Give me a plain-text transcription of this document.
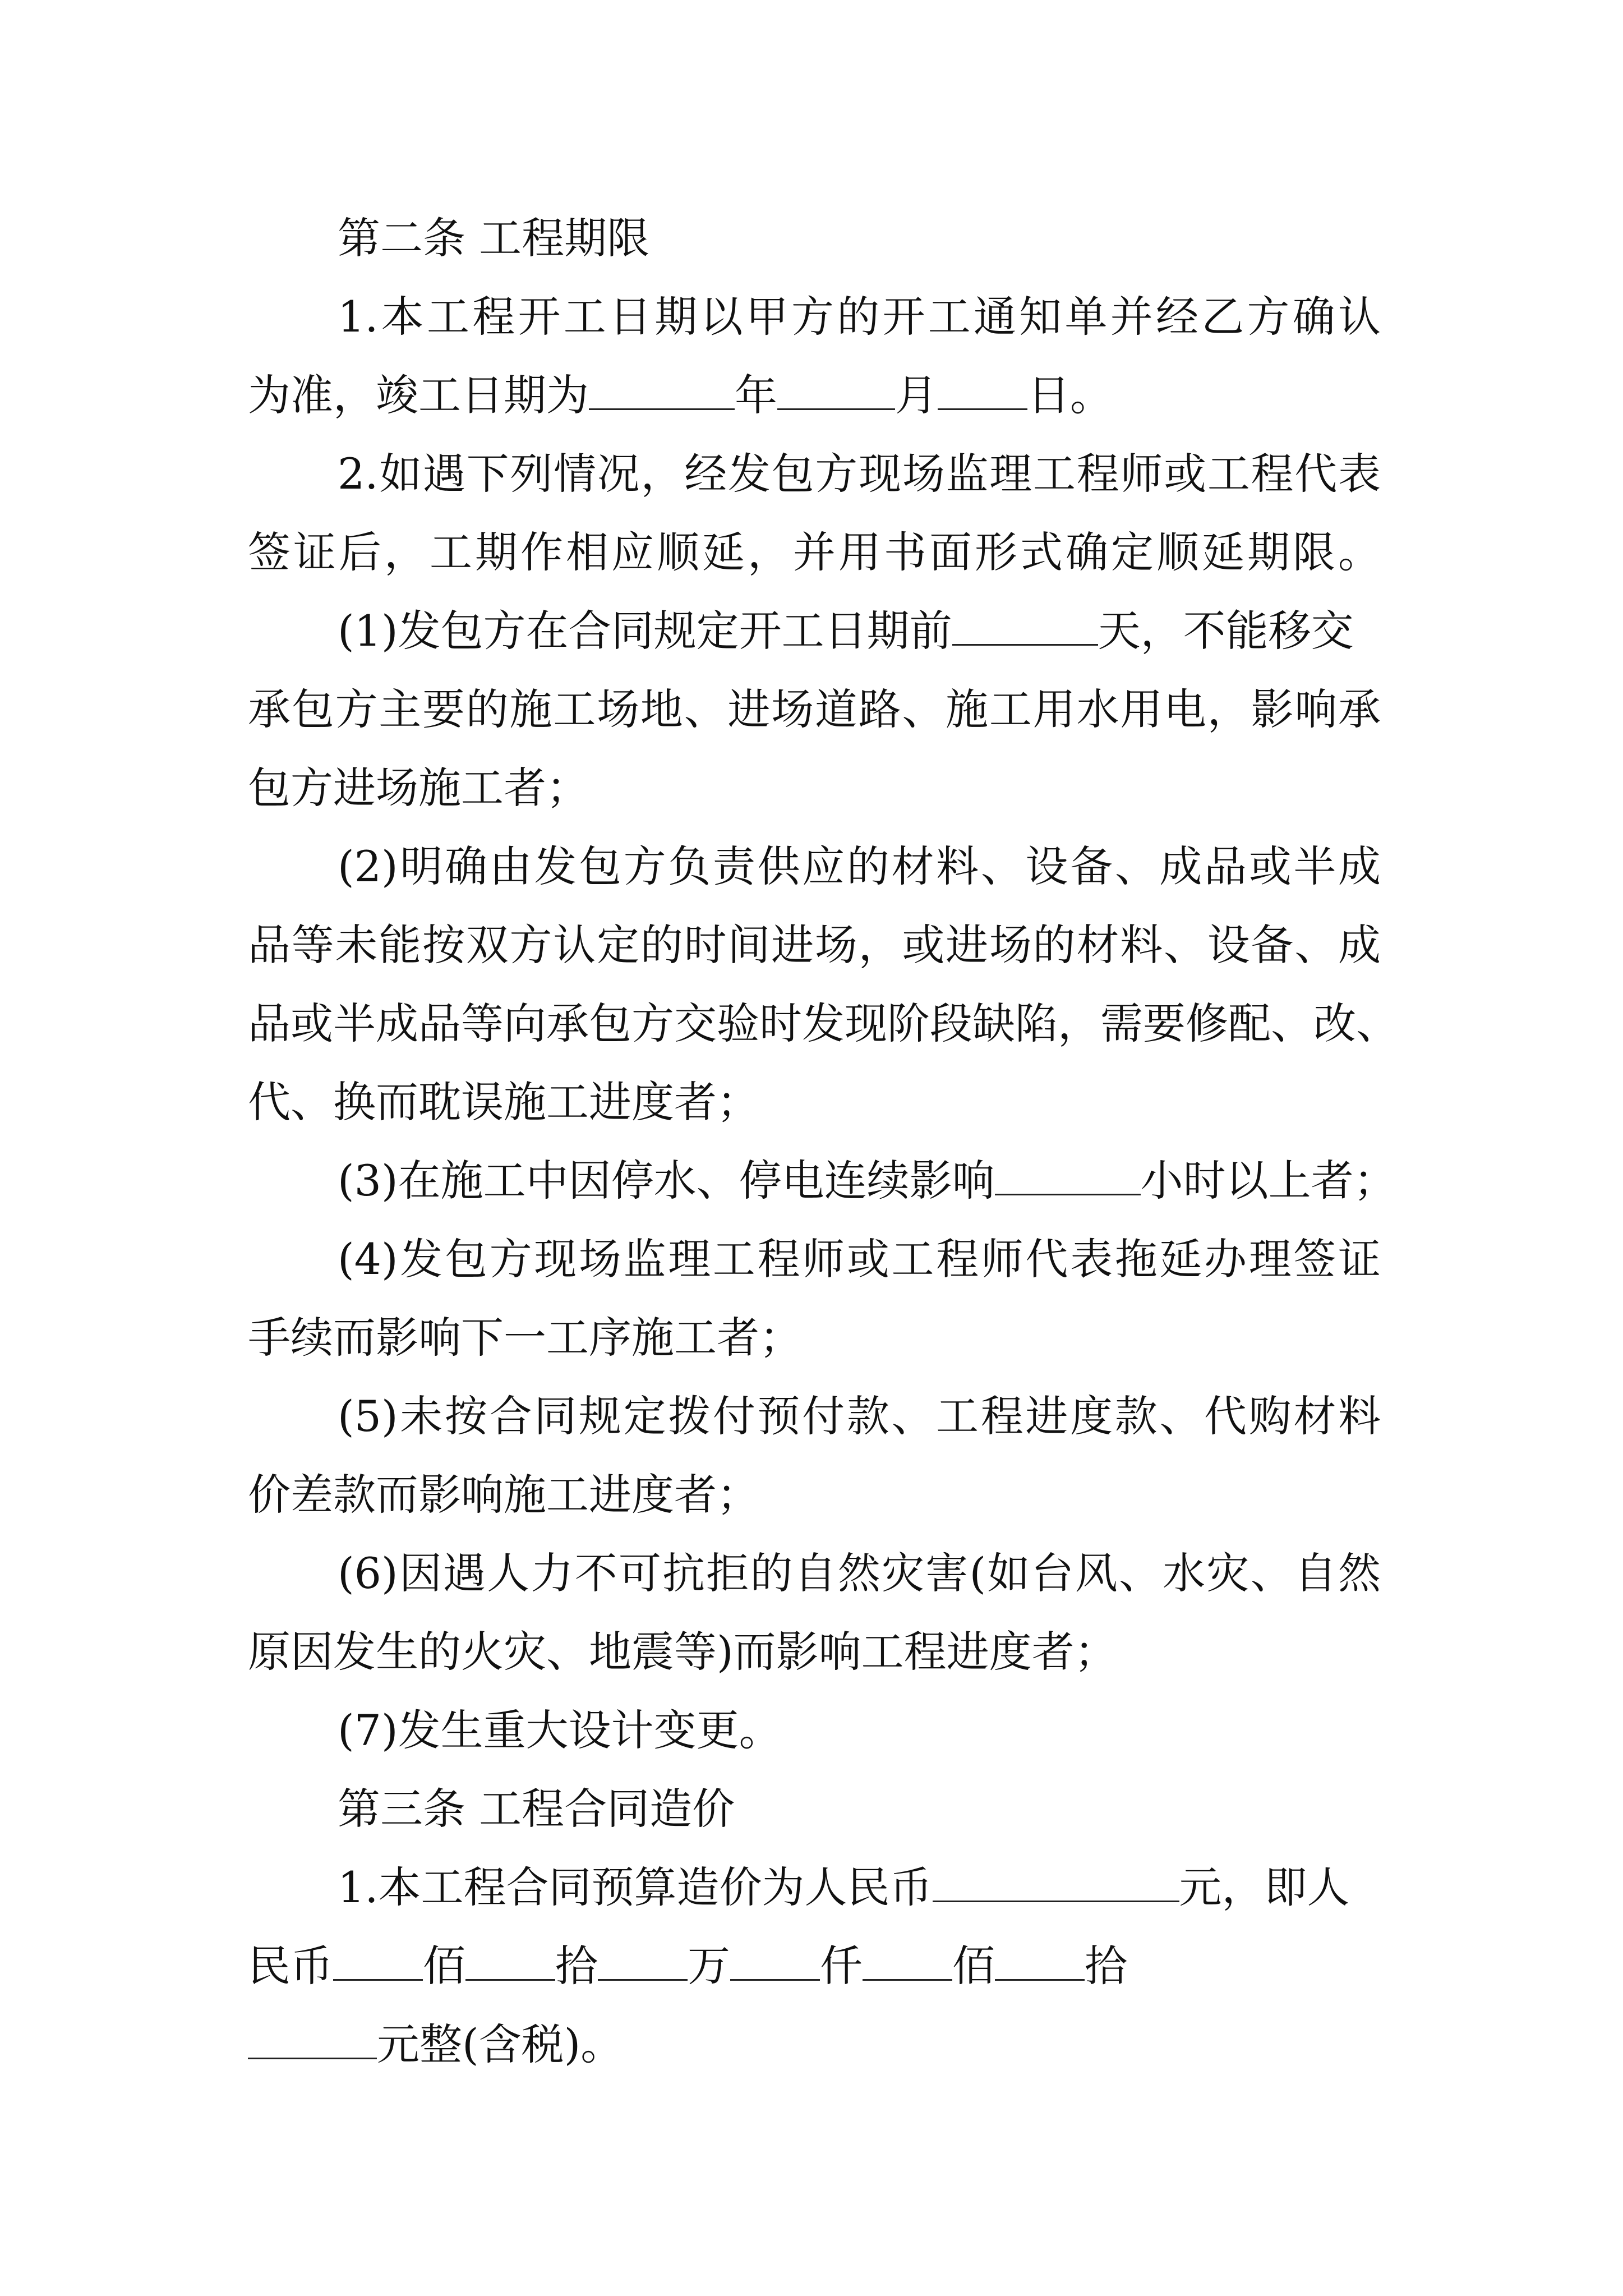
第二条 工程期限
1.本工程开工日期以甲方的开工通知单并经乙方确认
为准，竣工日期为	年	月 日。
2.如遇下列情况，经发包方现场监理工程师或工程代表
签证后，工期作相应顺延，并用书面形式确定顺延期限。
(1)发包方在合同规定开工日期前	天，不能移交
承包方主要的施工场地、进场道路、施工用水用电，影响承
包方进场施工者；
(2)明确由发包方负责供应的材料、设备、成品或半成
品等未能按双方认定的时间进场，或进场的材料、设备、成
品或半成品等向承包方交验时发现阶段缺陷，需要修配、改、
代、换而耽误施工进度者；
(3)在施工中因停水、停电连续影响	小时以上者；
(4)发包方现场监理工程师或工程师代表拖延办理签证
手续而影响下一工序施工者；
(5)未按合同规定拨付预付款、工程进度款、代购材料
价差款而影响施工进度者；
(6)因遇人力不可抗拒的自然灾害(如台风、水灾、自然
原因发生的火灾、地震等)而影响工程进度者；
(7)发生重大设计变更。
第三条 工程合同造价
1.本工程合同预算造价为人民币	元，即人
民币 佰 拾 万 仟 佰 拾
元整(含税)。
